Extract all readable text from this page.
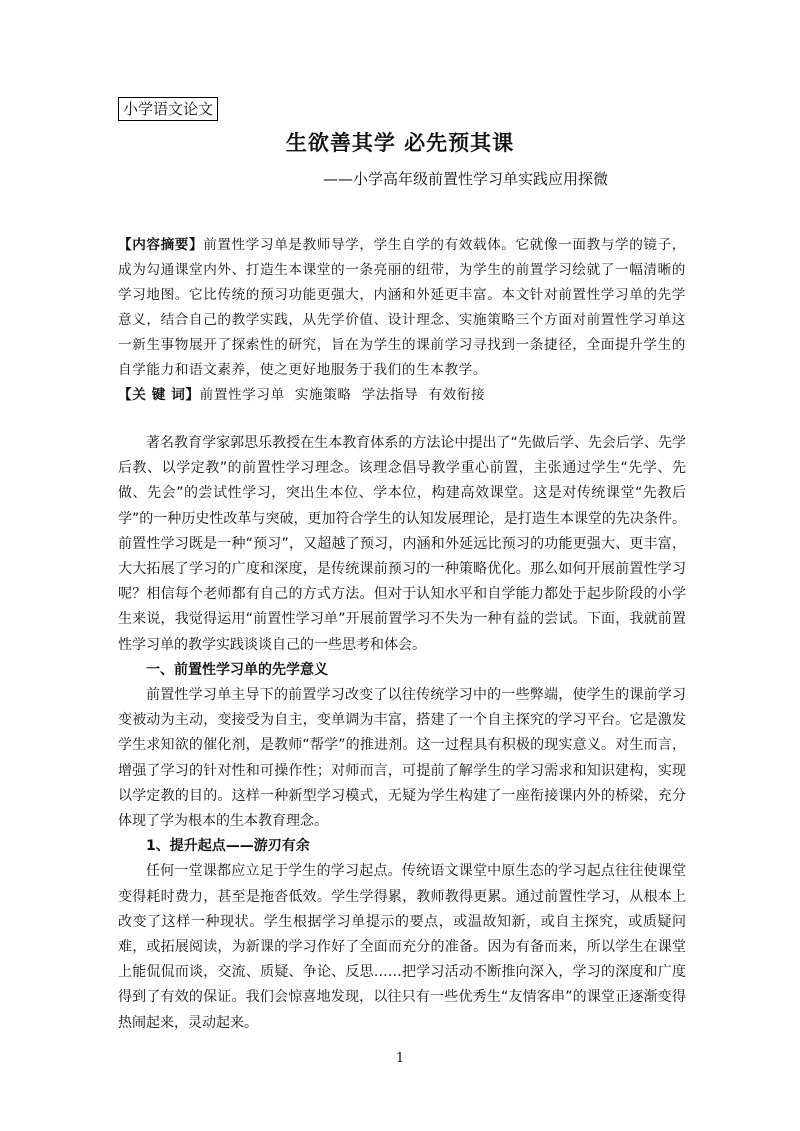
小学语文论文
生欲善其学 必先预其课
——小学高年级前置性学习单实践应用探微
【内容摘要】前置性学习单是教师导学，学生自学的有效载体。它就像一面教与学的镜子，成为勾通课堂内外、打造生本课堂的一条亮丽的纽带，为学生的前置学习绘就了一幅清晰的学习地图。它比传统的预习功能更强大，内涵和外延更丰富。本文针对前置性学习单的先学意义，结合自己的教学实践，从先学价值、设计理念、实施策略三个方面对前置性学习单这一新生事物展开了探索性的研究，旨在为学生的课前学习寻找到一条捷径，全面提升学生的自学能力和语文素养，使之更好地服务于我们的生本教学。
【关 键 词】前置性学习单 实施策略 学法指导 有效衔接

著名教育学家郭思乐教授在生本教育体系的方法论中提出了“先做后学、先会后学、先学后教、以学定教”的前置性学习理念。该理念倡导教学重心前置，主张通过学生“先学、先做、先会”的尝试性学习，突出生本位、学本位，构建高效课堂。这是对传统课堂“先教后学”的一种历史性改革与突破，更加符合学生的认知发展理论，是打造生本课堂的先决条件。前置性学习既是一种“预习”，又超越了预习，内涵和外延远比预习的功能更强大、更丰富，大大拓展了学习的广度和深度，是传统课前预习的一种策略优化。那么如何开展前置性学习呢？相信每个老师都有自己的方式方法。但对于认知水平和自学能力都处于起步阶段的小学生来说，我觉得运用“前置性学习单”开展前置学习不失为一种有益的尝试。下面，我就前置性学习单的教学实践谈谈自己的一些思考和体会。

一、前置性学习单的先学意义

前置性学习单主导下的前置学习改变了以往传统学习中的一些弊端，使学生的课前学习变被动为主动，变接受为自主，变单调为丰富，搭建了一个自主探究的学习平台。它是激发学生求知欲的催化剂，是教师“帮学”的推进剂。这一过程具有积极的现实意义。对生而言，增强了学习的针对性和可操作性；对师而言，可提前了解学生的学习需求和知识建构，实现以学定教的目的。这样一种新型学习模式，无疑为学生构建了一座衔接课内外的桥梁，充分体现了学为根本的生本教育理念。

1、提升起点——游刃有余

任何一堂课都应立足于学生的学习起点。传统语文课堂中原生态的学习起点往往使课堂变得耗时费力，甚至是拖沓低效。学生学得累，教师教得更累。通过前置性学习，从根本上改变了这样一种现状。学生根据学习单提示的要点，或温故知新，或自主探究，或质疑问难，或拓展阅读，为新课的学习作好了全面而充分的准备。因为有备而来，所以学生在课堂上能侃侃而谈，交流、质疑、争论、反思……把学习活动不断推向深入，学习的深度和广度得到了有效的保证。我们会惊喜地发现，以往只有一些优秀生“友情客串”的课堂正逐渐变得热闹起来，灵动起来。

1
